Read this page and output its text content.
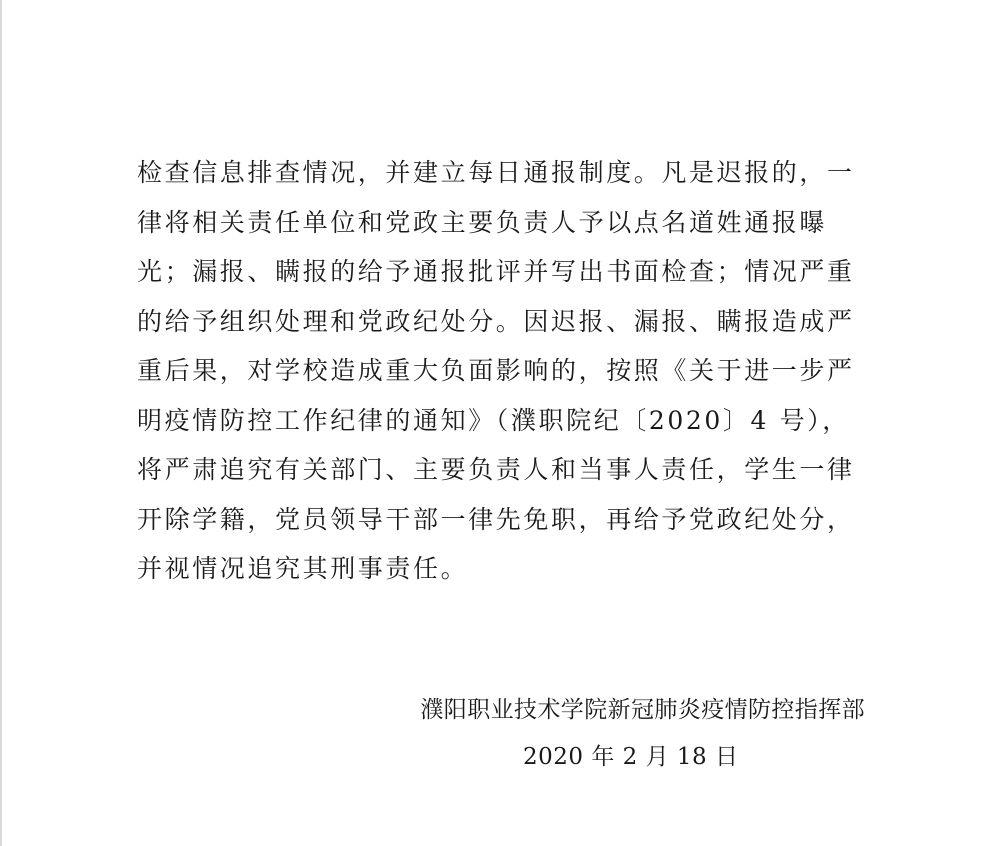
检查信息排查情况，并建立每日通报制度。凡是迟报的，一
律将相关责任单位和党政主要负责人予以点名道姓通报曝
光；漏报、瞒报的给予通报批评并写出书面检查；情况严重
的给予组织处理和党政纪处分。因迟报、漏报、瞒报造成严
重后果，对学校造成重大负面影响的，按照《关于进一步严
明疫情防控工作纪律的通知》（濮职院纪〔2020〕4 号），
将严肃追究有关部门、主要负责人和当事人责任，学生一律
开除学籍，党员领导干部一律先免职，再给予党政纪处分，
并视情况追究其刑事责任。
濮阳职业技术学院新冠肺炎疫情防控指挥部
2020 年 2 月 18 日
